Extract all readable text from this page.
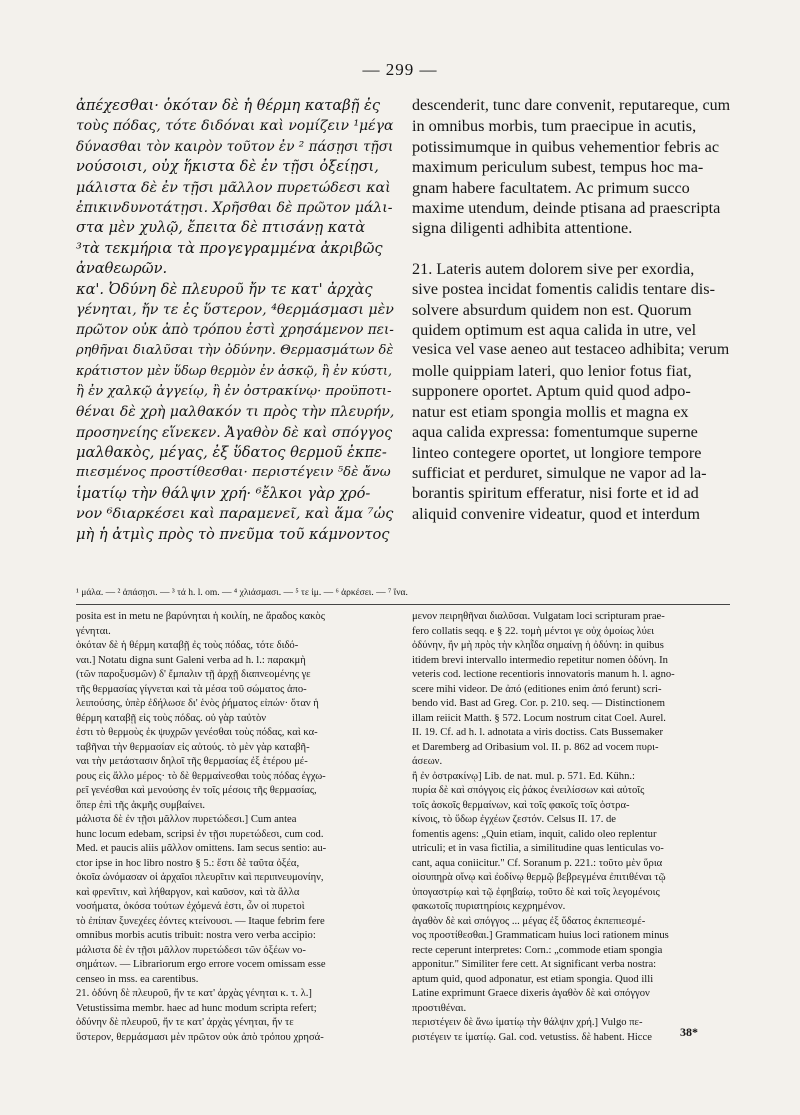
— 299 —
ἀπέχεσθαι· ὁκόταν δὲ ἡ θέρμη καταβῇ ἐς
τοὺς πόδας, τότε διδόναι καὶ νομίζειν ¹μέγα
δύνασθαι τὸν καιρὸν τοῦτον ἐν ² πάσῃσι τῇσι
νούσοισι, οὐχ ἥκιστα δὲ ἐν τῇσι ὀξείῃσι,
μάλιστα δὲ ἐν τῇσι μᾶλλον πυρετώδεσι καὶ
ἐπικινδυνοτάτῃσι. Χρῆσθαι δὲ πρῶτον μάλι-
στα μὲν χυλῷ, ἔπειτα δὲ πτισάνῃ κατὰ
³τὰ τεκμήρια τὰ προγεγραμμένα ἀκριβῶς
ἀναθεωρῶν.
κα'. Ὀδύνη δὲ πλευροῦ ἤν τε κατ' ἀρχὰς
γένηται, ἤν τε ἐς ὕστερον, ⁴θερμάσμασι μὲν
πρῶτον οὐκ ἀπὸ τρόπου ἐστὶ χρησάμενον πει-
ρηθῆναι διαλῦσαι τὴν ὀδύνην. Θερμασμάτων δὲ
κράτιστον μὲν ὕδωρ θερμὸν ἐν ἀσκῷ, ἢ ἐν κύστι,
ἢ ἐν χαλκῷ ἀγγείῳ, ἢ ἐν ὀστρακίνῳ· προϋποτι-
θέναι δὲ χρὴ μαλθακόν τι πρὸς τὴν πλευρήν,
προσηνείης εἵνεκεν. Ἀγαθὸν δὲ καὶ σπόγγος
μαλθακὸς, μέγας, ἐξ ὕδατος θερμοῦ ἐκπε-
πιεσμένος προστίθεσθαι· περιστέγειν ⁵δὲ ἄνω
ἱματίῳ τὴν θάλψιν χρή· ⁶ἔλκοι γὰρ χρό-
νον ⁶διαρκέσει καὶ παραμενεῖ, καὶ ἅμα ⁷ὡς
μὴ ἡ ἀτμὶς πρὸς τὸ πνεῦμα τοῦ κάμνοντος
descenderit, tunc dare convenit, reputareque, cum
in omnibus morbis, tum praecipue in acutis,
potissimumque in quibus vehementior febris ac
maximum periculum subest, tempus hoc ma-
gnam habere facultatem. Ac primum succo
maxime utendum, deinde ptisana ad praescripta
signa diligenti adhibita attentione.
21. Lateris autem dolorem sive per exordia,
sive postea incidat fomentis calidis tentare dis-
solvere absurdum quidem non est. Quorum
quidem optimum est aqua calida in utre, vel
vesica vel vase aeneo aut testaceo adhibita; verum
molle quippiam lateri, quo lenior fotus fiat,
supponere oportet. Aptum quid quod adpo-
natur est etiam spongia mollis et magna ex
aqua calida expressa: fomentumque superne
linteo contegere oportet, ut longiore tempore
sufficiat et perduret, simulque ne vapor ad la-
borantis spiritum efferatur, nisi forte et id ad
aliquid convenire videatur, quod et interdum
¹ μάλα. — ² ἁπάσῃσι. — ³ τά h. l. om. — ⁴ χλιάσμασι. — ⁵ τε ἱμ. — ⁶ ἀρκέσει. — ⁷ ἵνα.
posita est in metu ne βαρύνηται ἡ κοιλίη, ne ἄραδος κακὸς
γένηται.
ὁκόταν δὲ ἡ θέρμη καταβῇ ἐς τοὺς πόδας, τότε διδό-
ναι.] Notatu digna sunt Galeni verba ad h. l.: παρακμὴ
(τῶν παροξυσμῶν) δ' ἔμπαλιν τῇ ἀρχῇ διαπνεομένης γε
τῆς θερμασίας γίγνεται καὶ τὰ μέσα τοῦ σώματος ἀπο-
λειπούσης, ὑπὲρ ἐδήλωσε δι' ἑνὸς ῥήματος εἰπών· ὅταν ἡ
θέρμη καταβῇ εἰς τοὺς πόδας. οὐ γὰρ ταὐτὸν
ἐστι τὸ θερμοὺς ἐκ ψυχρῶν γενέσθαι τοὺς πόδας, καὶ κα-
ταβῆναι τὴν θερμασίαν εἰς αὐτούς. τὸ μὲν γὰρ καταβῆ-
ναι τὴν μετάστασιν δηλοῖ τῆς θερμασίας ἐξ ἑτέρου μέ-
ρους εἰς ἄλλο μέρος· τὸ δὲ θερμαίνεσθαι τοὺς πόδας ἐγχω-
ρεῖ γενέσθαι καὶ μενούσης ἐν τοῖς μέσοις τῆς θερμασίας,
ὅπερ ἐπὶ τῆς ἀκμῆς συμβαίνει.
μάλιστα δὲ ἐν τῇσι μᾶλλον πυρετώδεσι.] Cum antea
hunc locum edebam, scripsi ἐν τῇσι πυρετώδεσι, cum cod.
Med. et paucis aliis μᾶλλον omittens. Iam secus sentio: au-
ctor ipse in hoc libro nostro § 5.: ἔστι δὲ ταῦτα ὀξέα,
ὁκοῖα ὠνόμασαν οἱ ἀρχαῖοι πλευρῖτιν καὶ περιπνευμονίην,
καὶ φρενῖτιν, καὶ λήθαργον, καὶ καῦσον, καὶ τὰ ἄλλα
νοσήματα, ὁκόσα τούτων ἐχόμενά ἐστι, ὧν οἱ πυρετοὶ
τὸ ἐπίπαν ξυνεχέες ἐόντες κτείνουσι. — Itaque febrim fere
omnibus morbis acutis tribuit: nostra vero verba accipio:
μάλιστα δὲ ἐν τῇσι μᾶλλον πυρετώδεσι τῶν ὀξέων νο-
σημάτων. — Librariorum ergo errore vocem omissam esse
censeo in mss. ea carentibus.
21. ὀδύνη δὲ πλευροῦ, ἤν τε κατ' ἀρχὰς γένηται κ. τ. λ.]
Vetustissima membr. haec ad hunc modum scripta refert;
ὀδύνην δὲ πλευροῦ, ἤν τε κατ' ἀρχὰς γένηται, ἤν τε
ὕστερον, θερμάσμασι μὲν πρῶτον οὐκ ἀπὸ τρόπου χρησά-
μενον πειρηθῆναι διαλῦσαι. Vulgatam loci scripturam prae-
fero collatis seqq. e § 22. τομὴ μέντοι γε οὐχ ὁμοίως λύει
ὀδύνην, ἢν μὴ πρὸς τὴν κληῗδα σημαίνῃ ἡ ὀδύνη: in quibus
itidem brevi intervallo intermedio repetitur nomen ὀδύνη. In
veteris cod. lectione recentioris innovatoris manum h. l. agno-
scere mihi videor. De ἀπό (editiones enim ἀπό ferunt) scri-
bendo vid. Bast ad Greg. Cor. p. 210. seq. — Distinctionem
illam reiicit Matth. § 572. Locum nostrum citat Coel. Aurel.
II. 19. Cf. ad h. l. adnotata a viris doctiss. Cats Bussemaker
et Daremberg ad Oribasium vol. II. p. 862 ad vocem πυρι-
άσεων.
ἢ ἐν ὀστρακίνῳ] Lib. de nat. mul. p. 571. Ed. Kühn.:
πυρία δὲ καὶ σπόγγοις εἰς ῥάκος ἐνειλίσσων καὶ αὐτοῖς
τοῖς ἀσκοῖς θερμαίνων, καὶ τοῖς φακοῖς τοῖς ὀστρα-
κίνοις, τὸ ὕδωρ ἐγχέων ζεστόν. Celsus II. 17. de
fomentis agens: „Quin etiam, inquit, calido oleo replentur
utriculi; et in vasa fictilia, a similitudine quas lenticulas vo-
cant, aqua coniicitur." Cf. Soranum p. 221.: τοῦτο μὲν ὕρια
οἰσυπηρὰ οἴνῳ καὶ ἐοδίνῳ θερμῷ βεβρεγμένα ἐπιτιθέναι τῷ
ὑπογαστρίῳ καὶ τῷ ἐφηβαίῳ, τοῦτο δὲ καὶ τοῖς λεγομένοις
φακωτοῖς πυριατηρίοις κεχρημένον.
ἀγαθὸν δὲ καὶ σπόγγος ... μέγας ἐξ ὕδατος ἐκπεπιεσμέ-
νος προστίθεσθαι.] Grammaticam huius loci rationem minus
recte ceperunt interpretes: Corn.: „commode etiam spongia
apponitur." Similiter fere cett. At significant verba nostra:
aptum quid, quod adponatur, est etiam spongia. Quod illi
Latine exprimunt Graece dixeris ἀγαθὸν δὲ καὶ σπόγγον
προστιθέναι.
περιστέγειν δὲ ἄνω ἱματίῳ τὴν θάλψιν χρή.] Vulgo πε-
ριστέγειν τε ἱματίῳ. Gal. cod. vetustiss. δὲ habent. Hicce	38*
